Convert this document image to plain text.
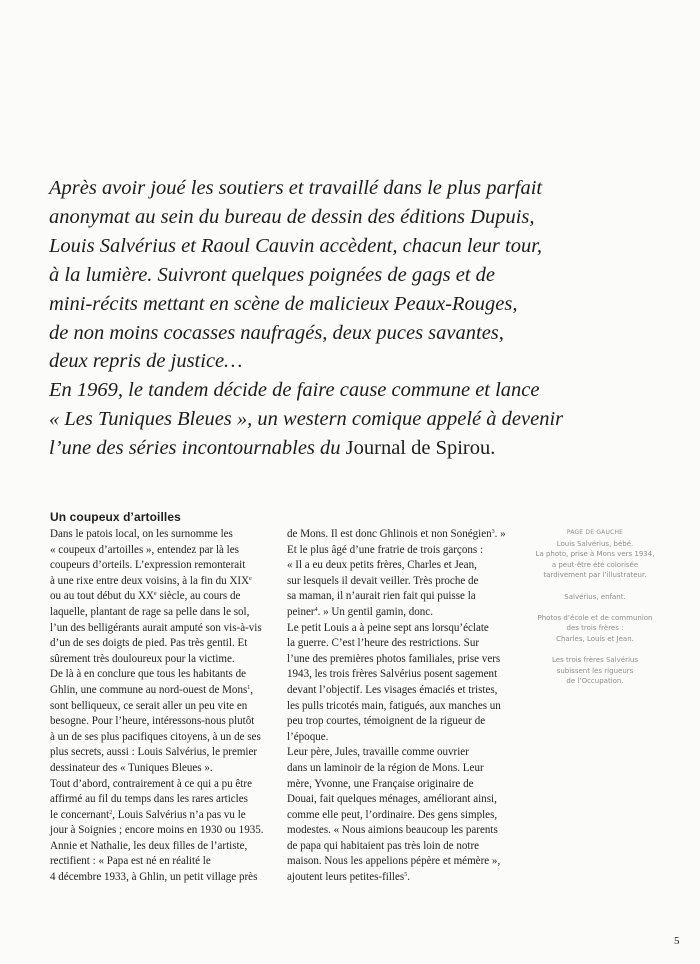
Après avoir joué les soutiers et travaillé dans le plus parfait
anonymat au sein du bureau de dessin des éditions Dupuis,
Louis Salvérius et Raoul Cauvin accèdent, chacun leur tour,
à la lumière. Suivront quelques poignées de gags et de
mini-récits mettant en scène de malicieux Peaux-Rouges,
de non moins cocasses naufragés, deux puces savantes,
deux repris de justice…
En 1969, le tandem décide de faire cause commune et lance
« Les Tuniques Bleues », un western comique appelé à devenir
l’une des séries incontournables du Journal de Spirou.
Un coupeux d’artoilles
Dans le patois local, on les surnomme les
« coupeux d’artoilles », entendez par là les
coupeurs d’orteils. L’expression remonterait
à une rixe entre deux voisins, à la fin du XIXe
ou au tout début du XXe siècle, au cours de
laquelle, plantant de rage sa pelle dans le sol,
l’un des belligérants aurait amputé son vis-à-vis
d’un de ses doigts de pied. Pas très gentil. Et
sûrement très douloureux pour la victime.
De là à en conclure que tous les habitants de
Ghlin, une commune au nord-ouest de Mons$^1$,
sont belliqueux, ce serait aller un peu vite en
besogne. Pour l’heure, intéressons-nous plutôt
à un de ses plus pacifiques citoyens, à un de ses
plus secrets, aussi : Louis Salvérius, le premier
dessinateur des « Tuniques Bleues ».
Tout d’abord, contrairement à ce qui a pu être
affirmé au fil du temps dans les rares articles
le concernant$^2$, Louis Salvérius n’a pas vu le
jour à Soignies ; encore moins en 1930 ou 1935.
Annie et Nathalie, les deux filles de l’artiste,
rectifient : « Papa est né en réalité le
4 décembre 1933, à Ghlin, un petit village près
de Mons. Il est donc Ghlinois et non Sonégien$^3$. »
Et le plus âgé d’une fratrie de trois garçons :
« Il a eu deux petits frères, Charles et Jean,
sur lesquels il devait veiller. Très proche de
sa maman, il n’aurait rien fait qui puisse la
peiner$^4$. » Un gentil gamin, donc.
Le petit Louis a à peine sept ans lorsqu’éclate
la guerre. C’est l’heure des restrictions. Sur
l’une des premières photos familiales, prise vers
1943, les trois frères Salvérius posent sagement
devant l’objectif. Les visages émaciés et tristes,
les pulls tricotés main, fatigués, aux manches un
peu trop courtes, témoignent de la rigueur de
l’époque.
Leur père, Jules, travaille comme ouvrier
dans un laminoir de la région de Mons. Leur
mère, Yvonne, une Française originaire de
Douai, fait quelques ménages, améliorant ainsi,
comme elle peut, l’ordinaire. Des gens simples,
modestes. « Nous aimions beaucoup les parents
de papa qui habitaient pas très loin de notre
maison. Nous les appelions pépère et mémère »,
ajoutent leurs petites-filles$^5$.
PAGE DE GAUCHE
Louis Salvérius, bébé.
La photo, prise à Mons vers 1934,
a peut-être été colorisée
tardivement par l’illustrateur.
Salvérius, enfant.
Photos d’école et de communion
des trois frères :
Charles, Louis et Jean.
Les trois frères Salvérius
subissent les rigueurs
de l’Occupation.
5
